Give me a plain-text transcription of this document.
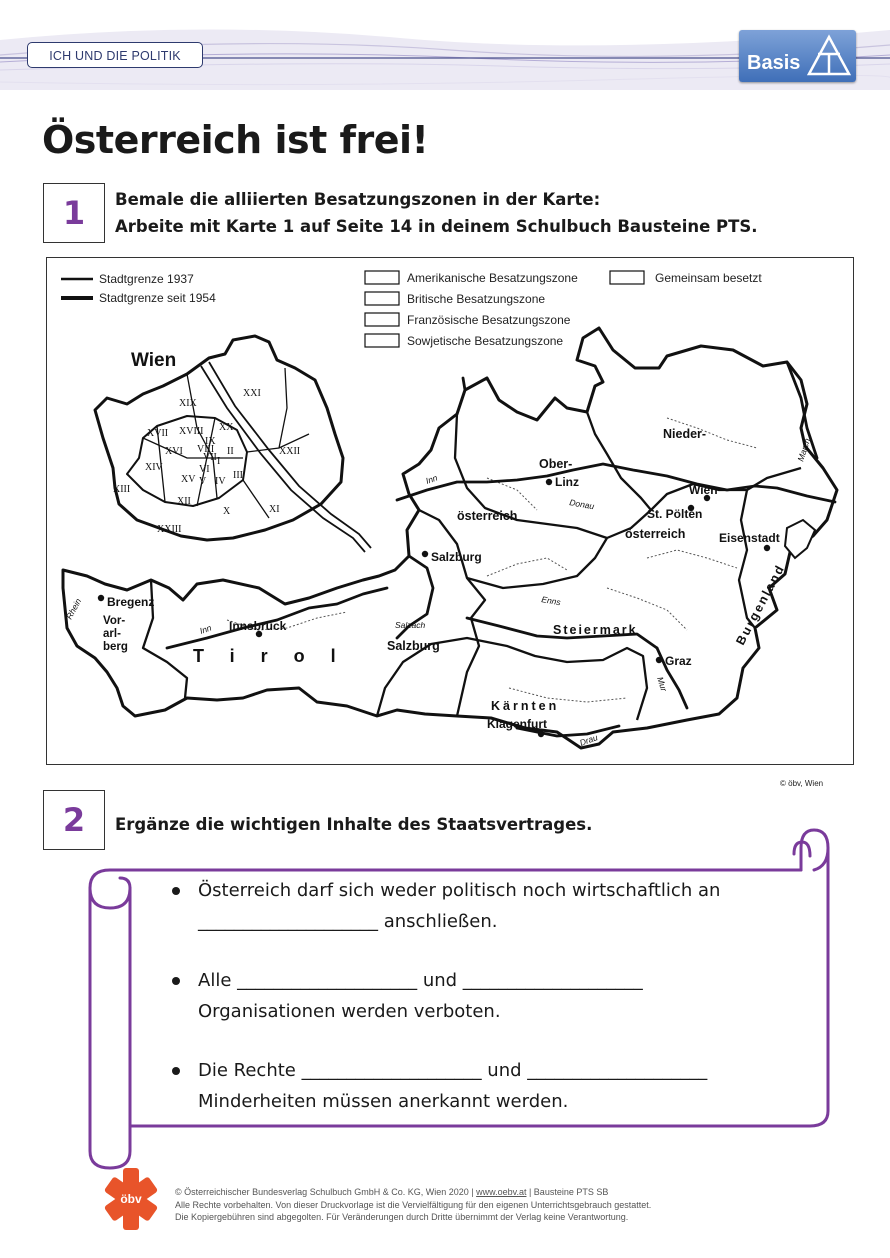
ICH UND DIE POLITIK	Basis
Österreich ist frei!
1	Bemale die alliierten Besatzungszonen in der Karte:
Arbeite mit Karte 1 auf Seite 14 in deinem Schulbuch Bausteine PTS.
Stadtgrenze 1937
Stadtgrenze seit 1954
Amerikanische Besatzungszone
Britische Besatzungszone
Französische Besatzungszone
Sowjetische Besatzungszone
Gemeinsam besetzt
Wien
XIX
XXI
XVII XVIII
IX
XX
XVI	II	XXII
XIV
III
XIII
XII
X	XI
XXIII
I
V
VI
VII
VIII
IV
XV
Nieder-
österreich
Ober-
österreich
Salzburg
Steiermark
Kärnten
Tirol
Vor-
arl-
berg	Burgenland
Linz
Wien
St. Pölten
Eisenstadt
Salzburg
Bregenz
Innsbruck
Graz
Klagenfurt
Donau
Inn
Inn
Enns
Salzach
Mur
Drau
March
Rhein
© öbv, Wien
2	Ergänze die wichtigen Inhalte des Staatsvertrages.
Österreich darf sich weder politisch noch wirtschaftlich an
____________________ anschließen.
Alle ____________________ und ____________________
Organisationen werden verboten.
Die Rechte ____________________ und ____________________
Minderheiten müssen anerkannt werden.
öbv	© Österreichischer Bundesverlag Schulbuch GmbH & Co. KG, Wien 2020 | www.oebv.at | Bausteine PTS SB
Alle Rechte vorbehalten. Von dieser Druckvorlage ist die Vervielfältigung für den eigenen Unterrichtsgebrauch gestattet.
Die Kopiergebühren sind abgegolten. Für Veränderungen durch Dritte übernimmt der Verlag keine Verantwortung.
